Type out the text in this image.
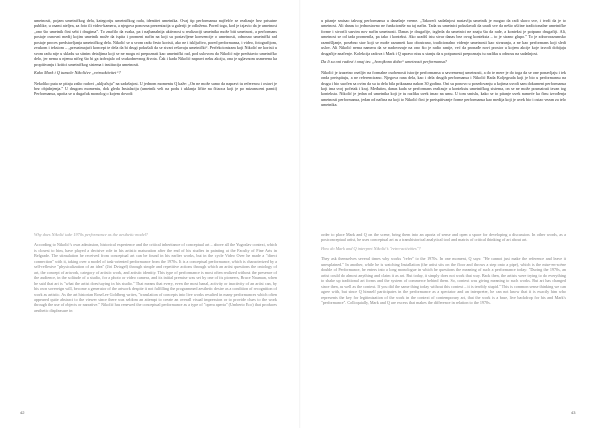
umetnosti, pojam umetničkog dela, kategoriju umetničkog rada, identitet umetnika. Ovaj tip performansa najčešće se realizuje bez prisutne publike, u osami ateljea, za foto ili video-kameru, a njegova ponovna prezentacija u galeriji je odložena. Pored toga, kod je izjavio da je umetnost „ono što umetnik čini sebi i drugima”. To značilo da svaka, pa i najbanalnija aktivnost u realizaciji umetnika može biti umetnost, a performans postaje osnovni medij kojim umetnik može da ispita i promeni način na koji su postavljene konvencije o umetnosti, odnosno umetnički rad postaje proces predstavljanja umetničkog dela. Nikolić se u svom radu često koristi, ako ne i isključivo, pored performansa, i video, fotografijom, zvukom i tekstom – „preuzimajući koncept te dela da bi drugi pokušali da se stvari rešavaju umetnički“. Perfekcionizam koji Nikolić ne koristi u svom radu nije u skladu sa sitnim detaljima koji se ne mogu ni prepoznati kao umetnički rad, pod uslovom da Nikolić nije predstavio umetničko delo, jer nema u njemu ničeg što bi ga izdvajalo od svakodnevnog života. Čak i kada Nikolić napravi neku akciju, ona je uglavnom usmerena ka propitivanju i kritici umetničkog sistema i institucija umetnosti.

Kako Mark i Q tumače Nikolićev „retroaktivitet“?

Nekoliko puta se pitaju zašto radovi „uključuju” na sadašnjost. U jednom momentu Q kaže: „On ne može samo da napravi tu referencu i ostavi je bez objašnjenja.” U drugom momentu, dok gleda Instalaciju (umetnik veli na podu i uklanja ličite na čitaoca koji je po mizansceni pamti) Performansa, upoita se u dugačak monolog o kojem dovodi

u pitanje smisao takvog performansa u današnje vreme. „Takoreći sadašnjost nastavlja umetnik je mogao da radi skoro sve, i tvrdi da je to umetnost. Ali danas to jednostavno ne funkcioniše na taj način. Tada su umetnici pokušavali da uradi sve da nešto ušćine tradicionalne umetničke forme i stvorili sasvim nov način umetnosti. Danas je drugačije, izgleda da umetnici ne znaju šta da rade, a kontekst je potpuno drugačiji. Ali, umetnost se od tada promenila, pa tako i kontekst. Ako uradiš istu stvar danas bez ovog konteksta – to je strano glupo.” To je zdravorazumsko razmišljanje, posebno stav koji se može razumeti kao obostrano, tradicionalno videnje umetnosti kao stvaranja, a ne kao performans koji sledi uslov. Ali Nikolić nema nameru da se nadovezuje na ono što je radio ranije, već da pronađe novi prostor u kojem akcije koje izvodi dobijaju drugačije značenje. Kolekcija radova i Mark i Q upravo nisu u stanju da u potpunosti prepoznaju tu razliku u odnosu na sadašnjost.

Da li su oni radovi i onaj tzv. „horojkono doba“ umetnosti performansa?

Nikolić je izuzetno osetljiv na formalne osobenosti istorije performansa u savremenoj umetnosti, a do te mere je do toga da se one ponavljaju i tek onda preispituju, a ne referencirano. Njegova rana dela, kao i dela drugih performansa i Nikolić Rada Koljegruda koji je bio u performansu na drugu i bio suočen sa ovim da su ta dela bila prikazana nakon 30 godina. Oni su ponovo u posedovanju u kojima uvodi sam dokument performansa koji ima svoj početak i kraj. Međutim, danas kada se performans realizuje u kontekstu umetničkog sistema, on se ne može posmatrati izvan tog konteksta. Nikolić je jedan od umetnika koji je tu razliku uvek imao na umu. U tom smislu, kako se to pitanje uvek nameće ka činu izvođenja umetnosti performansa, jedan od načina na koji to Nikolić čini je preispitivanje forme performansa kao medija koji je uvek bio i ostao vezan za telo umetnika.

Why does Nikolić take 1970s performance as the aesthetic model?

According to Nikolić’s own admission, historical experience and the critical inheritance of conceptual art – above all the Yugoslav context, which is closest to him, have played a decisive role in his artistic maturation after the end of his studies in painting at the Faculty of Fine Arts in Belgrade. The stimulation he received from conceptual art can be found in his earlier works, but in the cycle Video Over he made a "direct connection" with it, taking over a model of task-oriented performance from the 1970s. It is a conceptual performance, which is characterized by a self-reflexive "physicalization of an idea" (Jiri Dvtagel) through simple and repetitive actions through which an artist questions the ontology of art, the concept of artwork, category of artistic work, and artistic identity. This type of performance is most often realized without the presence of the audience, in the solitude of a studio, for a photo or video camera, and its initial premise was set by one of its pioneers, Bruce Nauman, when he said that art is "what the artist does/saying in his studio." That means that every, even the most banal, activity or inactivity of an artist can, by his own sovereign will, become a generator of the artwork despite it not fulfilling the programmed aesthetic desire as a condition of recognition of work as artistic. As the art historian RoseLee Goldberg writes, "translation of concepts into live works resulted in many performances which often appeared quite abstract to the viewer since there was seldom an attempt to create an overall visual impression or to provide clues to the work through the use of objects or narrative." Nikolić has renewed the conceptual performance as a type of "opera aperta" (Umberto Eco) that produces aesthetic displeasure in

order to place Mark and Q on the scene, bring them into an aporia of sense and open a space for developing a discussion. In other words, as a postconceptual artist, he uses conceptual art as a transhistorical analytical tool and matrix of critical thinking of art about art.

How do Mark and Q interpret Nikolić’s "retro-activities"?

They ask themselves several times why works "refer" to the 1970s. In one moment, Q says: "He cannot just make the reference and leave it unexplained." In another, while he is watching Installation (the artist sits on the floor and throws a step onto a pipe), which is the mise-en-scène double of Performance, he enters into a long monologue in which he questions the meaning of such a performance today: "During the 1970s, an artist could do almost anything and claim it as art. But today, it simply does not work that way. Back then, the artists were trying to do everything to shake up traditional art forms and the system of commerce behind them. So, context was giving meaning to such works. But art has changed since then, as well as the context. If you did the same thing today without this context – it is terribly stupid." This is common sense thinking we can agree with, but since Q himself participates in the performance as a spectator and an interpreter, he can not know that it is exactly him who represents the key for legitimization of the work in the context of contemporary art, that the work is a base, live backdrop for his and Mark's "performance". Colloquially, Mark and Q are excess that makes the difference in relation to the 1970s.

42	43
